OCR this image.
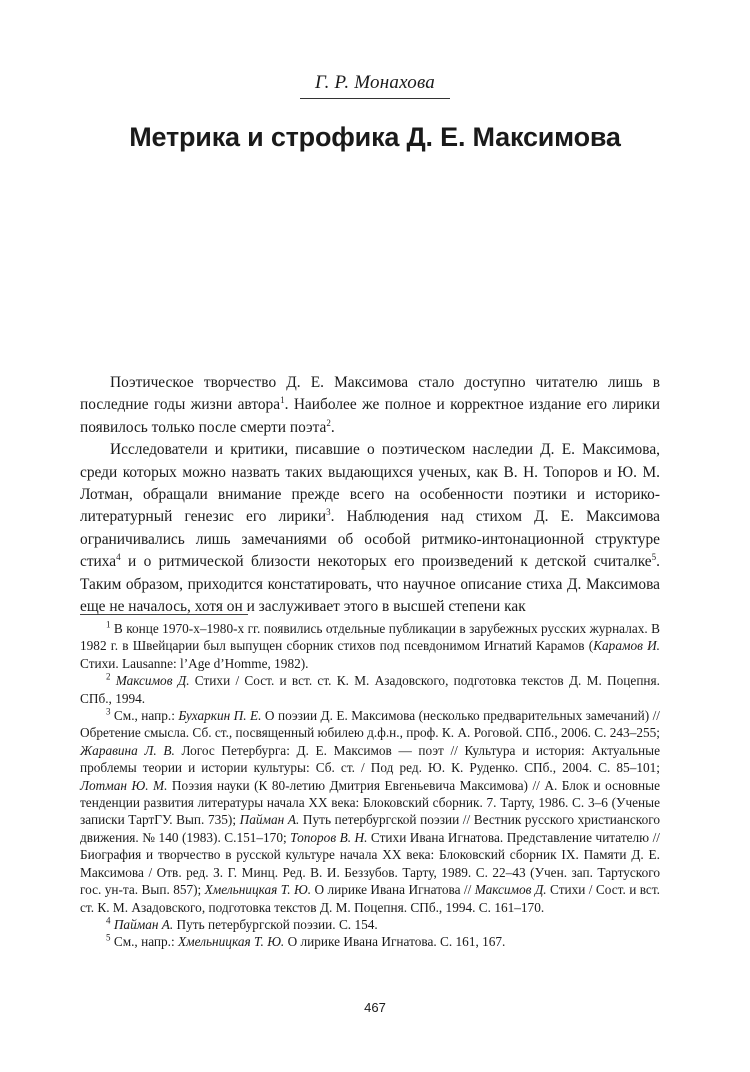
Г. Р. Монахова
Метрика и строфика Д. Е. Максимова

Поэтическое творчество Д. Е. Максимова стало доступно читателю лишь в последние годы жизни автора$^1$. Наиболее же полное и корректное издание его лирики появилось только после смерти поэта$^2$.

Исследователи и критики, писавшие о поэтическом наследии Д. Е. Максимова, среди которых можно назвать таких выдающихся ученых, как В. Н. Топоров и Ю. М. Лотман, обращали внимание прежде всего на особенности поэтики и историко-литературный генезис его лирики$^3$. Наблюдения над стихом Д. Е. Максимова ограничивались лишь замечаниями об особой ритмико-интонационной структуре стиха$^4$ и о ритмической близости некоторых его произведений к детской считалке$^5$. Таким образом, приходится констатировать, что научное описание стиха Д. Максимова еще не началось, хотя он и заслуживает этого в высшей степени как

$^1$ В конце 1970-х–1980-х гг. появились отдельные публикации в зарубежных русских журналах. В 1982 г. в Швейцарии был выпущен сборник стихов под псевдонимом Игнатий Карамов (Карамов И. Стихи. Lausanne: l’Age d’Homme, 1982).

$^2$ Максимов Д. Стихи / Сост. и вст. ст. К. М. Азадовского, подготовка текстов Д. М. Поцепня. СПб., 1994.

$^3$ См., напр.: Бухаркин П. Е. О поэзии Д. Е. Максимова (несколько предварительных замечаний) // Обретение смысла. Сб. ст., посвященный юбилею д.ф.н., проф. К. А. Роговой. СПб., 2006. С. 243–255; Жаравина Л. В. Логос Петербурга: Д. Е. Максимов — поэт // Культура и история: Актуальные проблемы теории и истории культуры: Сб. ст. / Под ред. Ю. К. Руденко. СПб., 2004. С. 85–101; Лотман Ю. М. Поэзия науки (К 80-летию Дмитрия Евгеньевича Максимова) // А. Блок и основные тенденции развития литературы начала XX века: Блоковский сборник. 7. Тарту, 1986. С. 3–6 (Ученые записки ТартГУ. Вып. 735); Пайман А. Путь петербургской поэзии // Вестник русского христианского движения. № 140 (1983). С.151–170; Топоров В. Н. Стихи Ивана Игнатова. Представление читателю // Биография и творчество в русской культуре начала XX века: Блоковский сборник IX. Памяти Д. Е. Максимова / Отв. ред. З. Г. Минц. Ред. В. И. Беззубов. Тарту, 1989. С. 22–43 (Учен. зап. Тартуского гос. ун-та. Вып. 857); Хмельницкая Т. Ю. О лирике Ивана Игнатова // Максимов Д. Стихи / Сост. и вст. ст. К. М. Азадовского, подготовка текстов Д. М. Поцепня. СПб., 1994. С. 161–170.

$^4$ Пайман А. Путь петербургской поэзии. С. 154.

$^5$ См., напр.: Хмельницкая Т. Ю. О лирике Ивана Игнатова. С. 161, 167.

467
